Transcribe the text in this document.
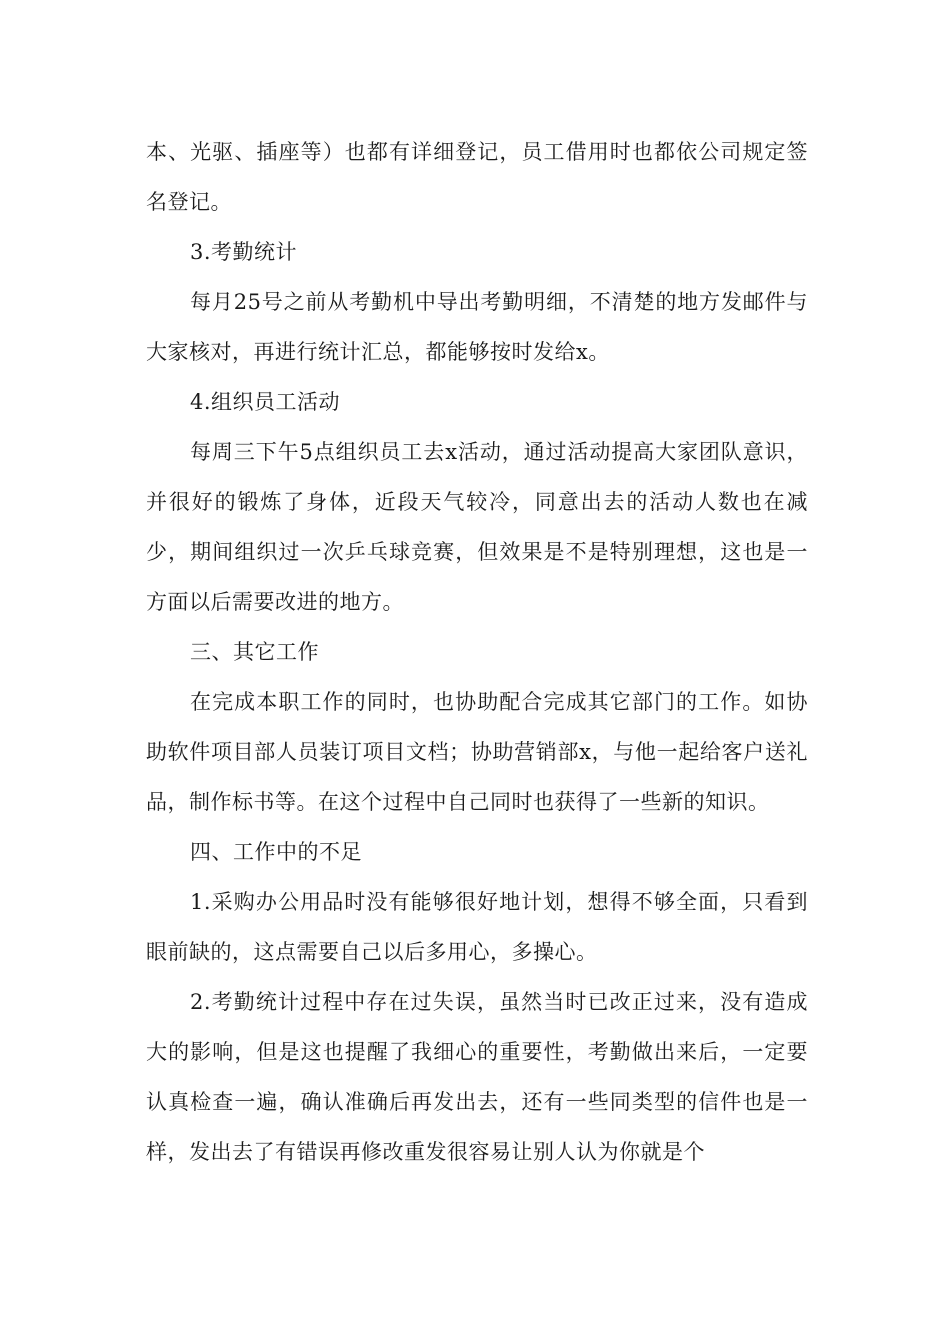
本、光驱、插座等）也都有详细登记，员工借用时也都依公司规定签名登记。

3.考勤统计

每月25号之前从考勤机中导出考勤明细，不清楚的地方发邮件与大家核对，再进行统计汇总，都能够按时发给x。

4.组织员工活动

每周三下午5点组织员工去x活动，通过活动提高大家团队意识，并很好的锻炼了身体，近段天气较冷，同意出去的活动人数也在减少，期间组织过一次乒乓球竞赛，但效果是不是特别理想，这也是一方面以后需要改进的地方。

三、其它工作

在完成本职工作的同时，也协助配合完成其它部门的工作。如协助软件项目部人员装订项目文档；协助营销部x，与他一起给客户送礼品，制作标书等。在这个过程中自己同时也获得了一些新的知识。

四、工作中的不足

1.采购办公用品时没有能够很好地计划，想得不够全面，只看到眼前缺的，这点需要自己以后多用心，多操心。

2.考勤统计过程中存在过失误，虽然当时已改正过来，没有造成大的影响，但是这也提醒了我细心的重要性，考勤做出来后，一定要认真检查一遍，确认准确后再发出去，还有一些同类型的信件也是一样，发出去了有错误再修改重发很容易让别人认为你就是个
